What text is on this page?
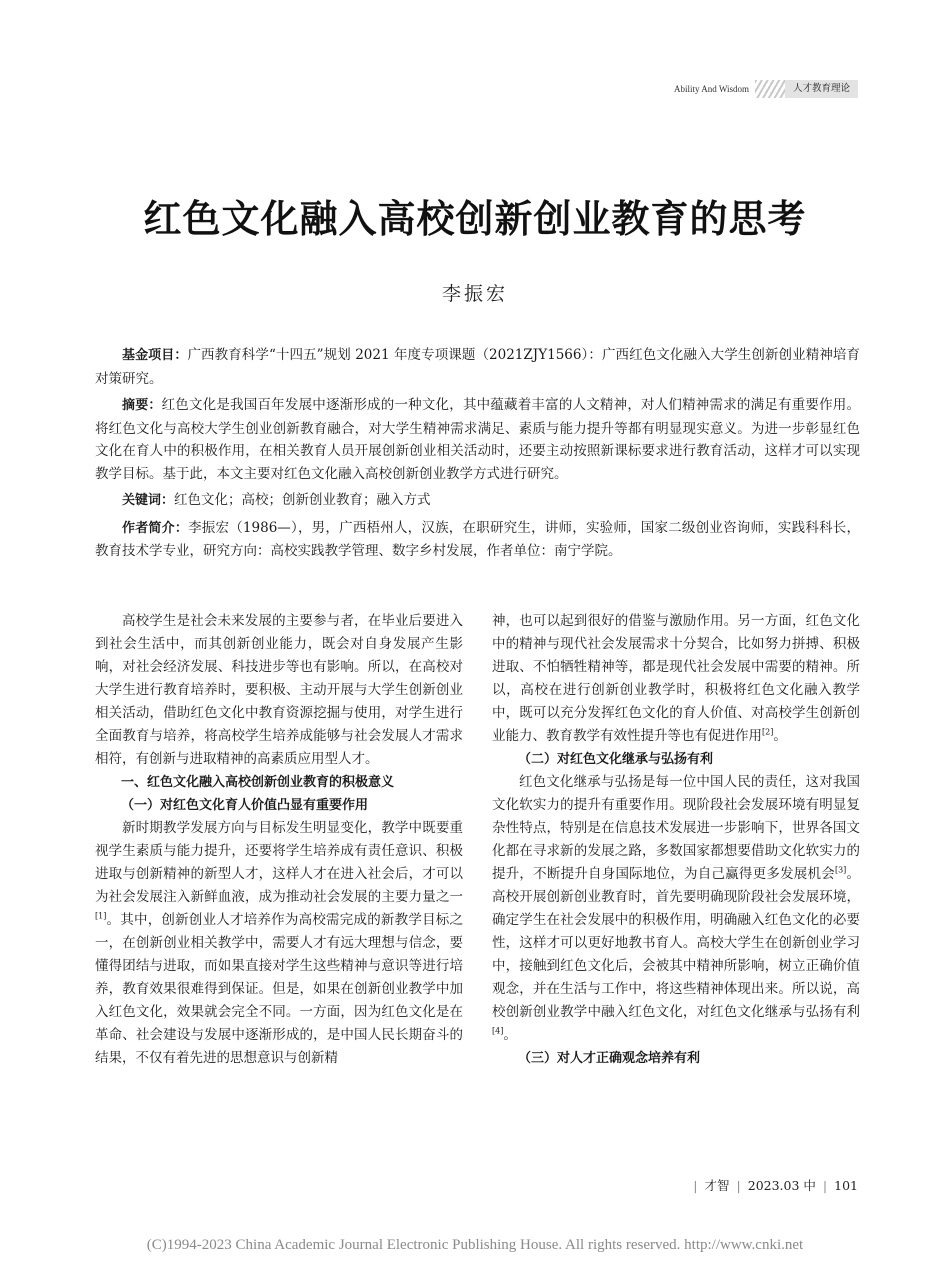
Ability And Wisdom	人才教育理论
红色文化融入高校创新创业教育的思考
李振宏

基金项目：广西教育科学“十四五”规划 2021 年度专项课题（2021ZJY1566）：广西红色文化融入大学生创新创业精神培育对策研究。

摘要：红色文化是我国百年发展中逐渐形成的一种文化，其中蕴藏着丰富的人文精神，对人们精神需求的满足有重要作用。将红色文化与高校大学生创业创新教育融合，对大学生精神需求满足、素质与能力提升等都有明显现实意义。为进一步彰显红色文化在育人中的积极作用，在相关教育人员开展创新创业相关活动时，还要主动按照新课标要求进行教育活动，这样才可以实现教学目标。基于此，本文主要对红色文化融入高校创新创业教学方式进行研究。

关键词：红色文化；高校；创新创业教育；融入方式

作者简介：李振宏（1986—），男，广西梧州人，汉族，在职研究生，讲师，实验师，国家二级创业咨询师，实践科科长，教育技术学专业，研究方向：高校实践教学管理、数字乡村发展，作者单位：南宁学院。

高校学生是社会未来发展的主要参与者，在毕业后要进入到社会生活中，而其创新创业能力，既会对自身发展产生影响，对社会经济发展、科技进步等也有影响。所以，在高校对大学生进行教育培养时，要积极、主动开展与大学生创新创业相关活动，借助红色文化中教育资源挖掘与使用，对学生进行全面教育与培养，将高校学生培养成能够与社会发展人才需求相符，有创新与进取精神的高素质应用型人才。

一、红色文化融入高校创新创业教育的积极意义
（一）对红色文化育人价值凸显有重要作用

新时期教学发展方向与目标发生明显变化，教学中既要重视学生素质与能力提升，还要将学生培养成有责任意识、积极进取与创新精神的新型人才，这样人才在进入社会后，才可以为社会发展注入新鲜血液，成为推动社会发展的主要力量之一[1]。其中，创新创业人才培养作为高校需完成的新教学目标之一，在创新创业相关教学中，需要人才有远大理想与信念，要懂得团结与进取，而如果直接对学生这些精神与意识等进行培养，教育效果很难得到保证。但是，如果在创新创业教学中加入红色文化，效果就会完全不同。一方面，因为红色文化是在革命、社会建设与发展中逐渐形成的，是中国人民长期奋斗的结果，不仅有着先进的思想意识与创新精

神，也可以起到很好的借鉴与激励作用。另一方面，红色文化中的精神与现代社会发展需求十分契合，比如努力拼搏、积极进取、不怕牺牲精神等，都是现代社会发展中需要的精神。所以，高校在进行创新创业教学时，积极将红色文化融入教学中，既可以充分发挥红色文化的育人价值、对高校学生创新创业能力、教育教学有效性提升等也有促进作用[2]。

（二）对红色文化继承与弘扬有利

红色文化继承与弘扬是每一位中国人民的责任，这对我国文化软实力的提升有重要作用。现阶段社会发展环境有明显复杂性特点，特别是在信息技术发展进一步影响下，世界各国文化都在寻求新的发展之路，多数国家都想要借助文化软实力的提升，不断提升自身国际地位，为自己赢得更多发展机会[3]。高校开展创新创业教育时，首先要明确现阶段社会发展环境，确定学生在社会发展中的积极作用，明确融入红色文化的必要性，这样才可以更好地教书育人。高校大学生在创新创业学习中，接触到红色文化后，会被其中精神所影响，树立正确价值观念，并在生活与工作中，将这些精神体现出来。所以说，高校创新创业教学中融入红色文化，对红色文化继承与弘扬有利[4]。

（三）对人才正确观念培养有利
| 才智 | 2023.03 中 | 101
(C)1994-2023 China Academic Journal Electronic Publishing House. All rights reserved. http://www.cnki.net
